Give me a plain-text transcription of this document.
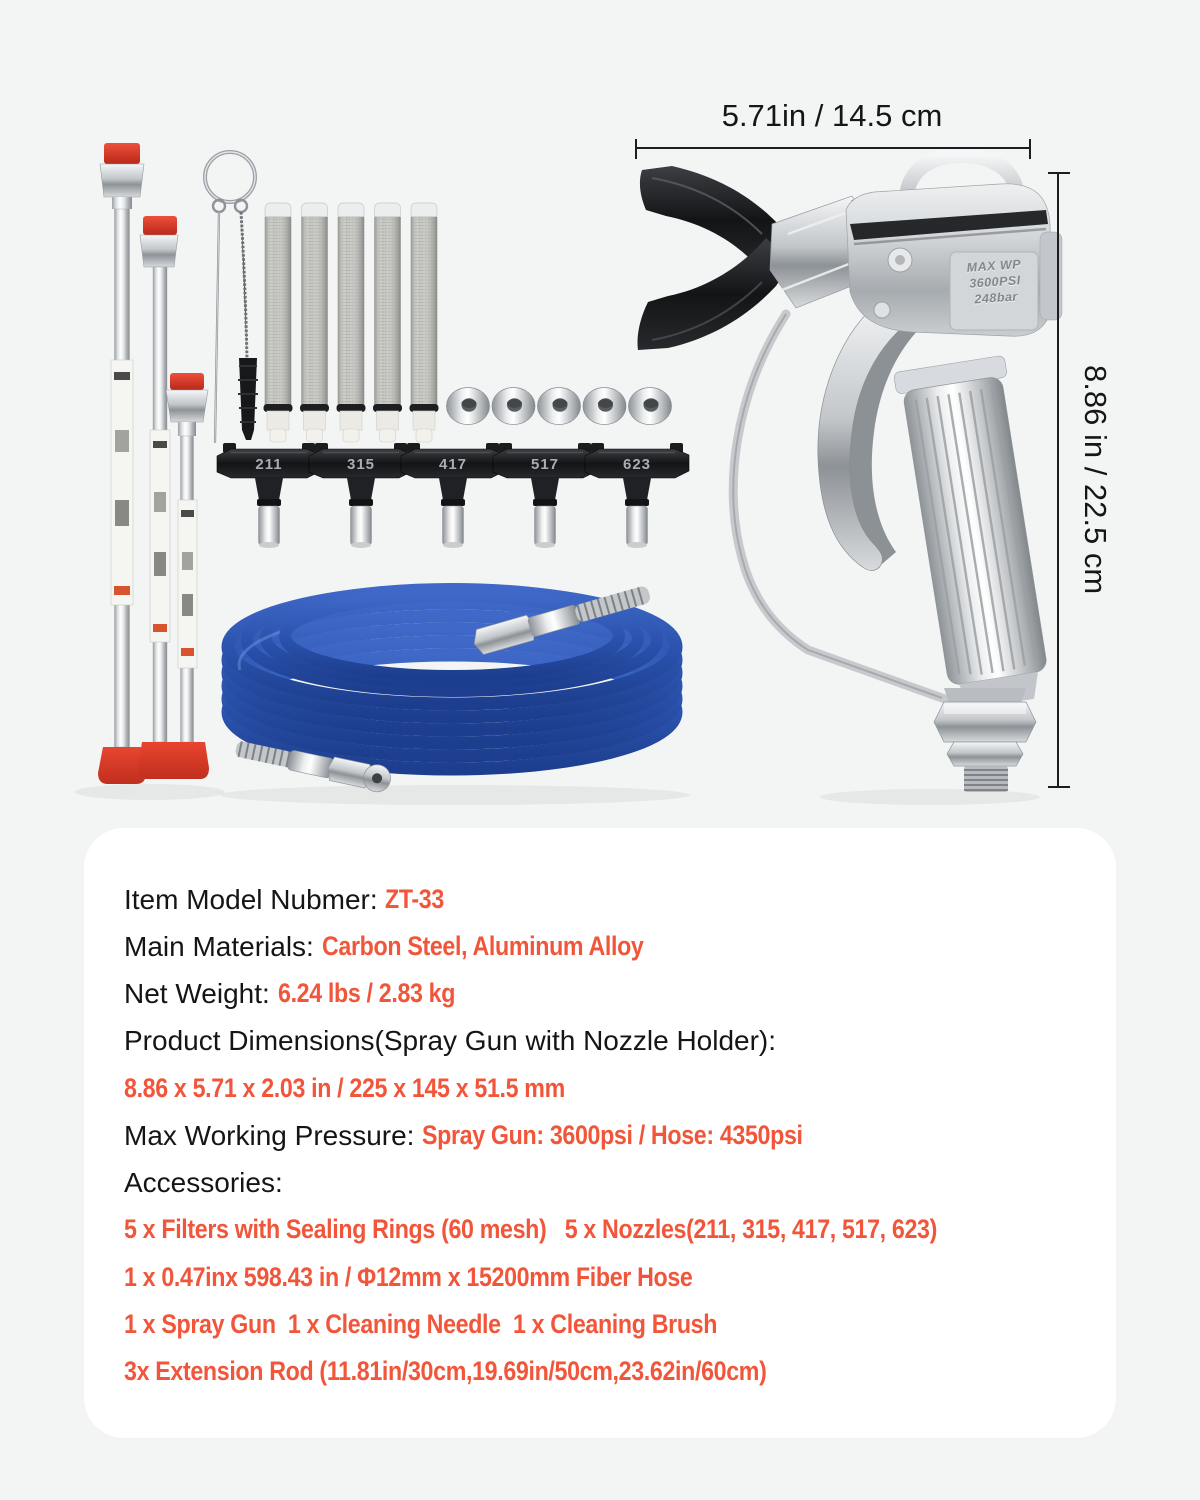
5.71in / 14.5 cm
8.86 in / 22.5 cm
211	315	417	517	623
MAX WP
3600PSI
248bar
Item Model Nubmer: ZT-33
Main Materials: Carbon Steel, Aluminum Alloy
Net Weight: 6.24 lbs / 2.83 kg
Product Dimensions(Spray Gun with Nozzle Holder):
8.86 x 5.71 x 2.03 in / 225 x 145 x 51.5 mm
Max Working Pressure: Spray Gun: 3600psi / Hose: 4350psi
Accessories:
5 x Filters with Sealing Rings (60 mesh)   5 x Nozzles(211, 315, 417, 517, 623)
1 x 0.47inx 598.43 in / Φ12mm x 15200mm Fiber Hose
1 x Spray Gun  1 x Cleaning Needle  1 x Cleaning Brush
3x Extension Rod (11.81in/30cm,19.69in/50cm,23.62in/60cm)
